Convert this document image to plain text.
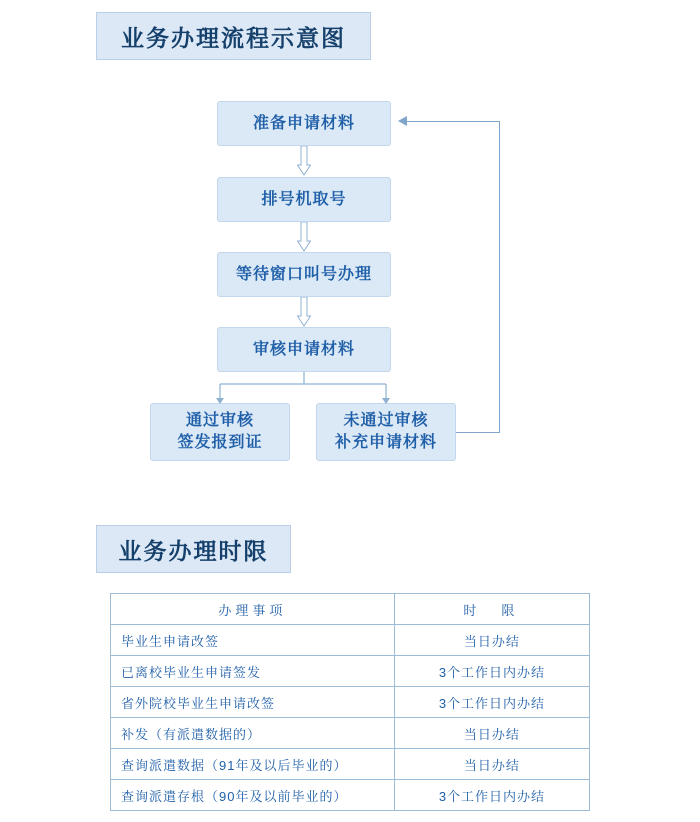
业务办理流程示意图
准备申请材料
排号机取号
等待窗口叫号办理
审核申请材料
通过审核
签发报到证
未通过审核
补充申请材料
业务办理时限
办理事项	时　限
毕业生申请改签	当日办结
已离校毕业生申请签发	3个工作日内办结
省外院校毕业生申请改签	3个工作日内办结
补发（有派遣数据的）	当日办结
查询派遣数据（91年及以后毕业的）	当日办结
查询派遣存根（90年及以前毕业的）	3个工作日内办结
